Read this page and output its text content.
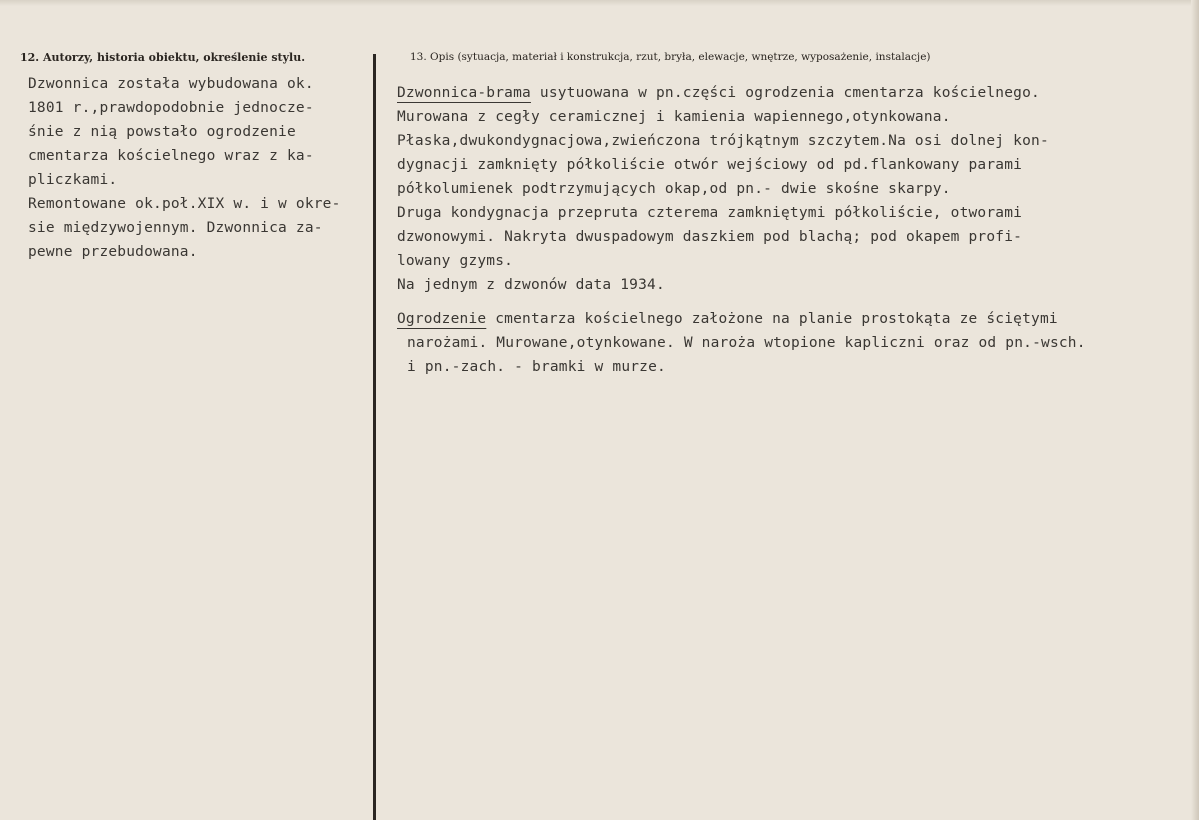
12. Autorzy, historia obiektu, określenie stylu.	13. Opis (sytuacja, materiał i konstrukcja, rzut, bryła, elewacje, wnętrze, wyposażenie, instalacje)
Dzwonnica została wybudowana ok.
1801 r.,prawdopodobnie jednocze-
śnie z nią powstało ogrodzenie
cmentarza kościelnego wraz z ka-
pliczkami.
Remontowane ok.poł.XIX w. i w okre-
sie międzywojennym. Dzwonnica za-
pewne przebudowana.
Dzwonnica-brama usytuowana w pn.części ogrodzenia cmentarza kościelnego.
Murowana z cegły ceramicznej i kamienia wapiennego,otynkowana.
Płaska,dwukondygnacjowa,zwieńczona trójkątnym szczytem.Na osi dolnej kon-
dygnacji zamknięty półkoliście otwór wejściowy od pd.flankowany parami
półkolumienek podtrzymujących okap,od pn.- dwie skośne skarpy.
Druga kondygnacja przepruta czterema zamkniętymi półkoliście, otworami
dzwonowymi. Nakryta dwuspadowym daszkiem pod blachą; pod okapem profi-
lowany gzyms.
Na jednym z dzwonów data 1934.
Ogrodzenie cmentarza kościelnego założone na planie prostokąta ze ściętymi
narożami. Murowane,otynkowane. W naroża wtopione kapliczni oraz od pn.-wsch.
i pn.-zach. - bramki w murze.
